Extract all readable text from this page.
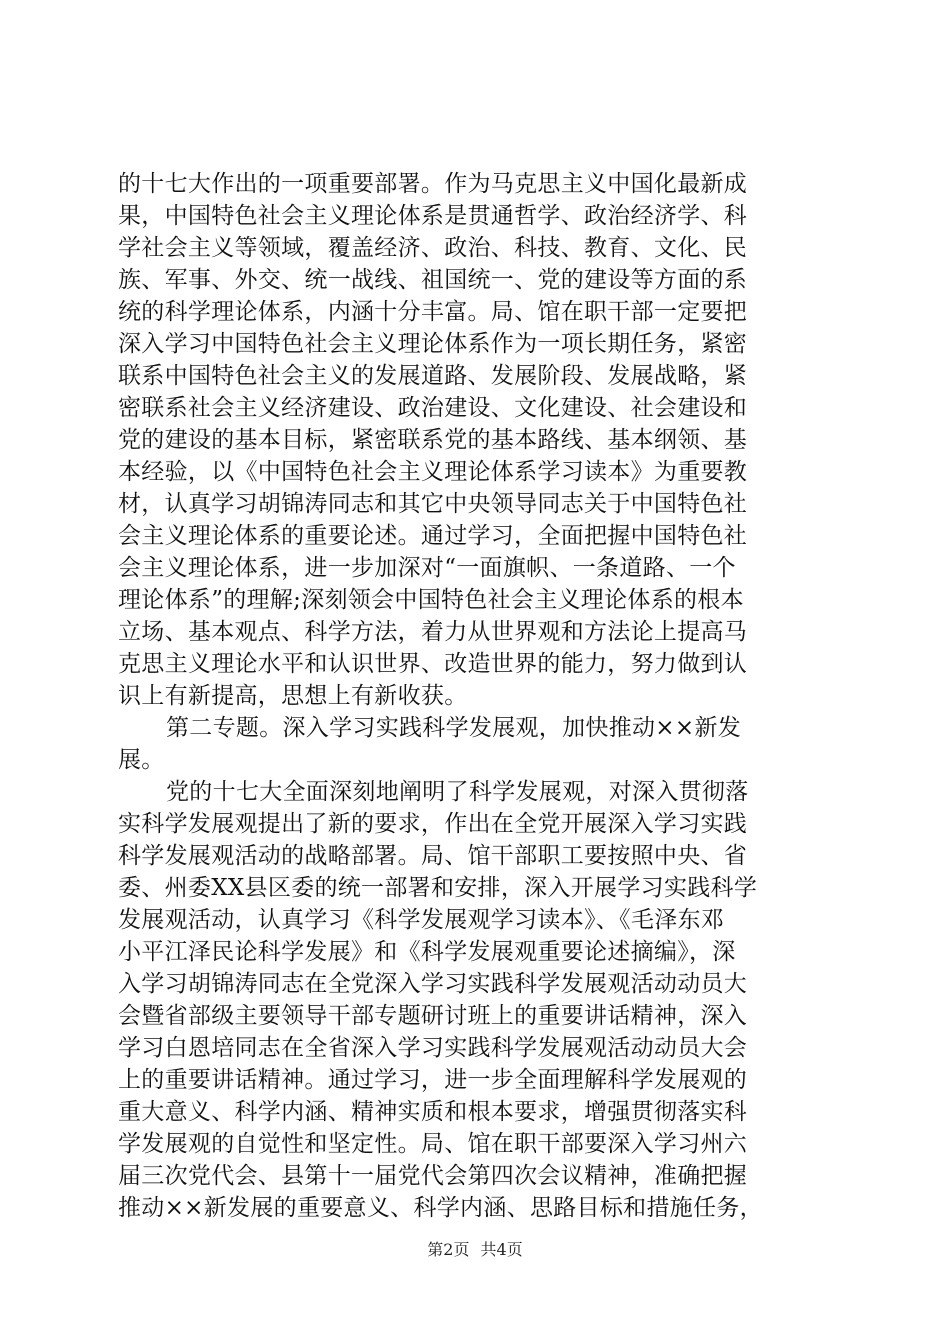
的十七大作出的一项重要部署。作为马克思主义中国化最新成
果，中国特色社会主义理论体系是贯通哲学、政治经济学、科
学社会主义等领域，覆盖经济、政治、科技、教育、文化、民
族、军事、外交、统一战线、祖国统一、党的建设等方面的系
统的科学理论体系，内涵十分丰富。局、馆在职干部一定要把
深入学习中国特色社会主义理论体系作为一项长期任务，紧密
联系中国特色社会主义的发展道路、发展阶段、发展战略，紧
密联系社会主义经济建设、政治建设、文化建设、社会建设和
党的建设的基本目标，紧密联系党的基本路线、基本纲领、基
本经验，以《中国特色社会主义理论体系学习读本》为重要教
材，认真学习胡锦涛同志和其它中央领导同志关于中国特色社
会主义理论体系的重要论述。通过学习，全面把握中国特色社
会主义理论体系，进一步加深对“一面旗帜、一条道路、一个
理论体系”的理解;深刻领会中国特色社会主义理论体系的根本
立场、基本观点、科学方法，着力从世界观和方法论上提高马
克思主义理论水平和认识世界、改造世界的能力，努力做到认
识上有新提高，思想上有新收获。
第二专题。深入学习实践科学发展观，加快推动××新发
展。
党的十七大全面深刻地阐明了科学发展观，对深入贯彻落
实科学发展观提出了新的要求，作出在全党开展深入学习实践
科学发展观活动的战略部署。局、馆干部职工要按照中央、省
委、州委XX县区委的统一部署和安排，深入开展学习实践科学
发展观活动，认真学习《科学发展观学习读本》、《毛泽东邓
小平江泽民论科学发展》和《科学发展观重要论述摘编》，深
入学习胡锦涛同志在全党深入学习实践科学发展观活动动员大
会暨省部级主要领导干部专题研讨班上的重要讲话精神，深入
学习白恩培同志在全省深入学习实践科学发展观活动动员大会
上的重要讲话精神。通过学习，进一步全面理解科学发展观的
重大意义、科学内涵、精神实质和根本要求，增强贯彻落实科
学发展观的自觉性和坚定性。局、馆在职干部要深入学习州六
届三次党代会、县第十一届党代会第四次会议精神，准确把握
推动××新发展的重要意义、科学内涵、思路目标和措施任务，
第2页 共4页
